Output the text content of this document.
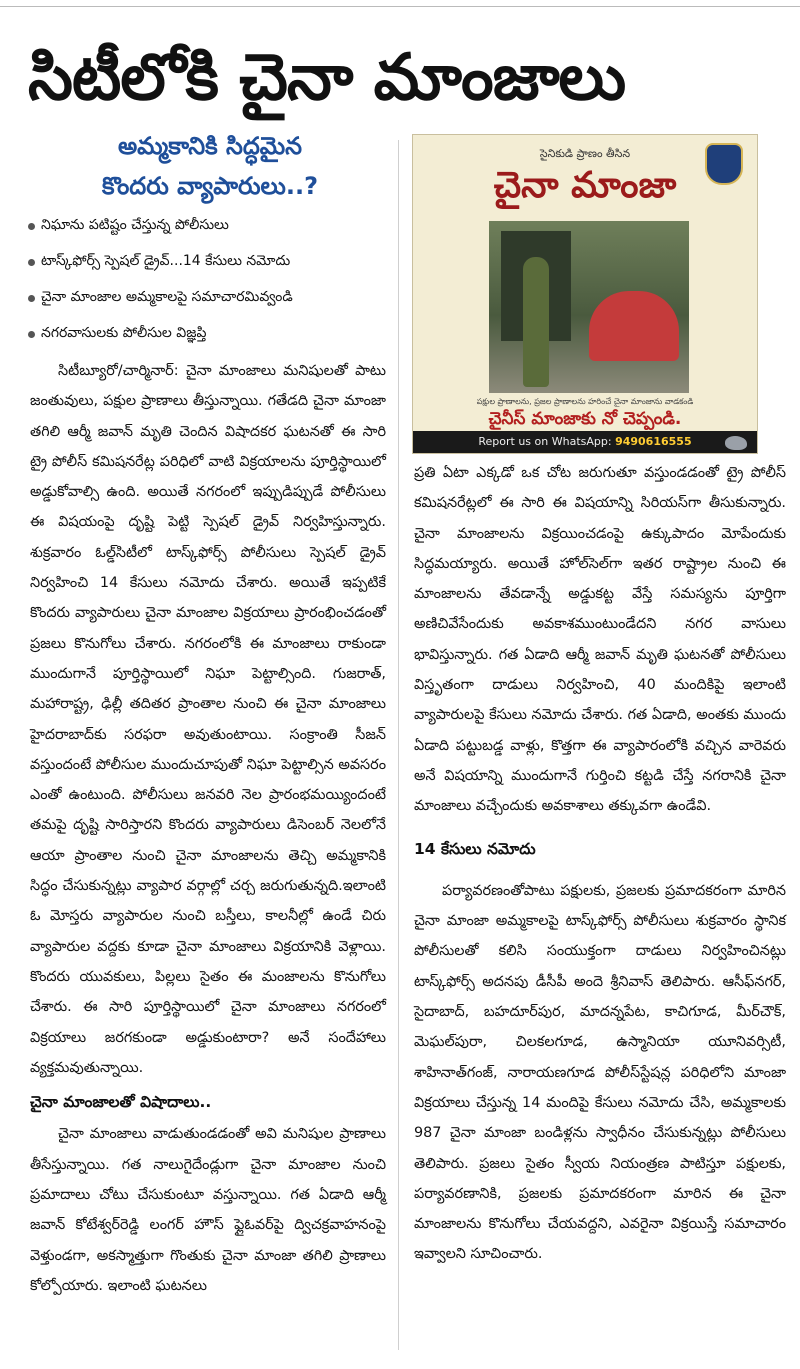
సిటీలోకి చైనా మాంజాలు
అమ్మకానికి సిద్ధమైన
కొందరు వ్యాపారులు..?
నిఘాను పటిష్టం చేస్తున్న పోలీసులు
టాస్క్‌ఫోర్స్ స్పెషల్ డ్రైవ్...14 కేసులు నమోదు
చైనా మాంజాల అమ్మకాలపై సమాచారమివ్వండి
నగరవాసులకు పోలీసుల విజ్ఞప్తి

సిటీబ్యూరో/చార్మినార్: చైనా మాంజాలు మనిషులతో పాటు జంతువులు, పక్షుల ప్రాణాలు తీస్తున్నాయి. గతేడది చైనా మాంజా తగిలి ఆర్మీ జవాన్ మృతి చెందిన విషాదకర ఘటనతో ఈ సారి ట్రై పోలీస్ కమిషనరేట్ల పరిధిలో వాటి విక్రయాలను పూర్తిస్థాయిలో అడ్డుకోవాల్సి ఉంది. అయితే నగరంలో ఇప్పుడిప్పుడే పోలీసులు ఈ విషయంపై దృష్టి పెట్టి స్పెషల్ డ్రైవ్ నిర్వహిస్తున్నారు. శుక్రవారం ఓల్డ్‌సిటీలో టాస్క్‌ఫోర్స్ పోలీసులు స్పెషల్ డ్రైవ్ నిర్వహించి 14 కేసులు నమోదు చేశారు. అయితే ఇప్పటికే కొందరు వ్యాపారులు చైనా మాంజాల విక్రయాలు ప్రారంభించడంతో ప్రజలు కొనుగోలు చేశారు. నగరంలోకి ఈ మాంజాలు రాకుండా ముందుగానే పూర్తిస్థాయిలో నిఘా పెట్టాల్సింది. గుజరాత్, మహారాష్ట్ర, ఢిల్లీ తదితర ప్రాంతాల నుంచి ఈ చైనా మాంజాలు హైదరాబాద్‌కు సరఫరా అవుతుంటాయి. సంక్రాంతి సీజన్ వస్తుందంటే పోలీసుల ముందుచూపుతో నిఘా పెట్టాల్సిన అవసరం ఎంతో ఉంటుంది. పోలీసులు జనవరి నెల ప్రారంభమయ్యిందంటే తమపై దృష్టి సారిస్తారని కొందరు వ్యాపారులు డిసెంబర్ నెలలోనే ఆయా ప్రాంతాల నుంచి చైనా మాంజాలను తెచ్చి అమ్మకానికి సిద్ధం చేసుకున్నట్లు వ్యాపార వర్గాల్లో చర్చ జరుగుతున్నది.ఇలాంటి ఓ మోస్తరు వ్యాపారుల నుంచి బస్తీలు, కాలనీల్లో ఉండే చిరు వ్యాపారుల వద్దకు కూడా చైనా మాంజాలు విక్రయానికి వెళ్లాయి. కొందరు యువకులు, పిల్లలు సైతం ఈ మంజాలను కొనుగోలు చేశారు. ఈ సారి పూర్తిస్థాయిలో చైనా మాంజాలు నగరంలో విక్రయాలు జరగకుండా అడ్డుకుంటారా? అనే సందేహాలు వ్యక్తమవుతున్నాయి.

చైనా మాంజాలతో విషాదాలు..

చైనా మాంజాలు వాడుతుండడంతో అవి మనిషుల ప్రాణాలు తీసేస్తున్నాయి. గత నాలుగైదేండ్లుగా చైనా మాంజాల నుంచి ప్రమాదాలు చోటు చేసుకుంటూ వస్తున్నాయి. గత ఏడాది ఆర్మీ జవాన్ కోటేశ్వర్‌రెడ్డి లంగర్ హౌస్ ఫ్లైఓవర్‌పై ద్విచక్రవాహనంపై వెళ్తుండగా, అకస్మాత్తుగా గొంతుకు చైనా మాంజా తగిలి ప్రాణాలు కోల్పోయారు. ఇలాంటి ఘటనలు

సైనికుడి ప్రాణం తీసిన
చైనా మాంజా
పక్షుల ప్రాణాలను, ప్రజల ప్రాణాలను హరించే చైనా మాంజాను వాడకండి
చైనీస్ మాంజాకు నో చెప్పండి.
Report us on WhatsApp: 9490616555

ప్రతి ఏటా ఎక్కడో ఒక చోట జరుగుతూ వస్తుండడంతో ట్రై పోలీస్ కమిషనరేట్లలో ఈ సారి ఈ విషయాన్ని సిరియస్‌గా తీసుకున్నారు. చైనా మాంజాలను విక్రయించడంపై ఉక్కుపాదం మోపేందుకు సిద్ధమయ్యారు. అయితే హోల్‌సెల్‌గా ఇతర రాష్ట్రాల నుంచి ఈ మాంజాలను తేవడాన్నే అడ్డుకట్ట వేస్తే సమస్యను పూర్తిగా అణిచివేసేందుకు అవకాశముంటుండేదని నగర వాసులు భావిస్తున్నారు. గత ఏడాది ఆర్మీ జవాన్ మృతి ఘటనతో పోలీసులు విస్తృతంగా దాడులు నిర్వహించి, 40 మందికిపై ఇలాంటి వ్యాపారులపై కేసులు నమోదు చేశారు. గత ఏడాది, అంతకు ముందు ఏడాది పట్టుబడ్డ వాళ్లు, కొత్తగా ఈ వ్యాపారంలోకి వచ్చిన వారెవరు అనే విషయాన్ని ముందుగానే గుర్తించి కట్టడి చేస్తే నగరానికి చైనా మాంజాలు వచ్చేందుకు అవకాశాలు తక్కువగా ఉండేవి.

14 కేసులు నమోదు

పర్యావరణంతోపాటు పక్షులకు, ప్రజలకు ప్రమాదకరంగా మారిన చైనా మాంజా అమ్మకాలపై టాస్క్‌ఫోర్స్ పోలీసులు శుక్రవారం స్థానిక పోలీసులతో కలిసి సంయుక్తంగా దాడులు నిర్వహించినట్లు టాస్క్‌ఫోర్స్ అదనపు డీసీపీ అందె శ్రీనివాస్ తెలిపారు. ఆసీఫ్‌నగర్, సైదాబాద్, బహదూర్‌పుర, మాదన్నపేట, కాచిగూడ, మీర్‌చౌక్, మెఘల్‌పురా, చిలకలగూడ, ఉస్మానియా యూనివర్సిటీ, శాహినాత్‌గంజ్, నారాయణగూడ పోలీస్‌స్టేషన్ల పరిధిలోని మాంజా విక్రయాలు చేస్తున్న 14 మందిపై కేసులు నమోదు చేసి, అమ్మకాలకు 987 చైనా మాంజా బండిళ్లను స్వాధీనం చేసుకున్నట్లు పోలీసులు తెలిపారు. ప్రజలు సైతం స్వీయ నియంత్రణ పాటిస్తూ పక్షులకు, పర్యావరణానికి, ప్రజలకు ప్రమాదకరంగా మారిన ఈ చైనా మాంజాలను కొనుగోలు చేయవద్దని, ఎవరైనా విక్రయిస్తే సమాచారం ఇవ్వాలని సూచించారు.
